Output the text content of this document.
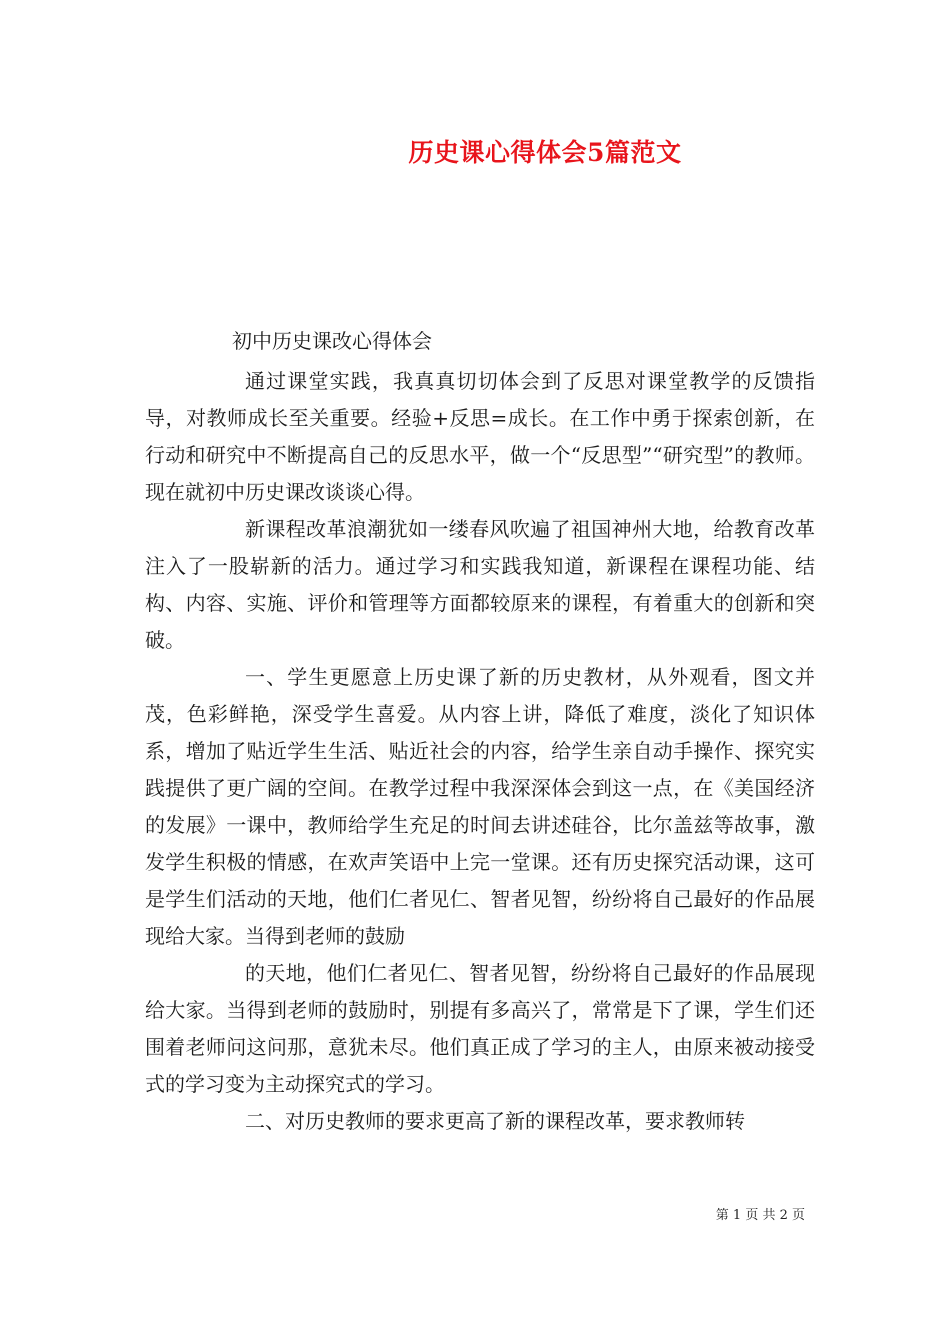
历史课心得体会5篇范文
初中历史课改心得体会

通过课堂实践，我真真切切体会到了反思对课堂教学的反馈指导，对教师成长至关重要。经验+反思=成长。在工作中勇于探索创新，在行动和研究中不断提高自己的反思水平，做一个“反思型”“研究型”的教师。现在就初中历史课改谈谈心得。

新课程改革浪潮犹如一缕春风吹遍了祖国神州大地，给教育改革注入了一股崭新的活力。通过学习和实践我知道，新课程在课程功能、结构、内容、实施、评价和管理等方面都较原来的课程，有着重大的创新和突破。

一、学生更愿意上历史课了新的历史教材，从外观看，图文并茂，色彩鲜艳，深受学生喜爱。从内容上讲，降低了难度，淡化了知识体系，增加了贴近学生生活、贴近社会的内容，给学生亲自动手操作、探究实践提供了更广阔的空间。在教学过程中我深深体会到这一点，在《美国经济的发展》一课中，教师给学生充足的时间去讲述硅谷，比尔盖兹等故事，激发学生积极的情感，在欢声笑语中上完一堂课。还有历史探究活动课，这可是学生们活动的天地，他们仁者见仁、智者见智，纷纷将自己最好的作品展现给大家。当得到老师的鼓励

的天地，他们仁者见仁、智者见智，纷纷将自己最好的作品展现给大家。当得到老师的鼓励时，别提有多高兴了，常常是下了课，学生们还围着老师问这问那，意犹未尽。他们真正成了学习的主人，由原来被动接受式的学习变为主动探究式的学习。

二、对历史教师的要求更高了新的课程改革，要求教师转

第 1 页 共 2 页
